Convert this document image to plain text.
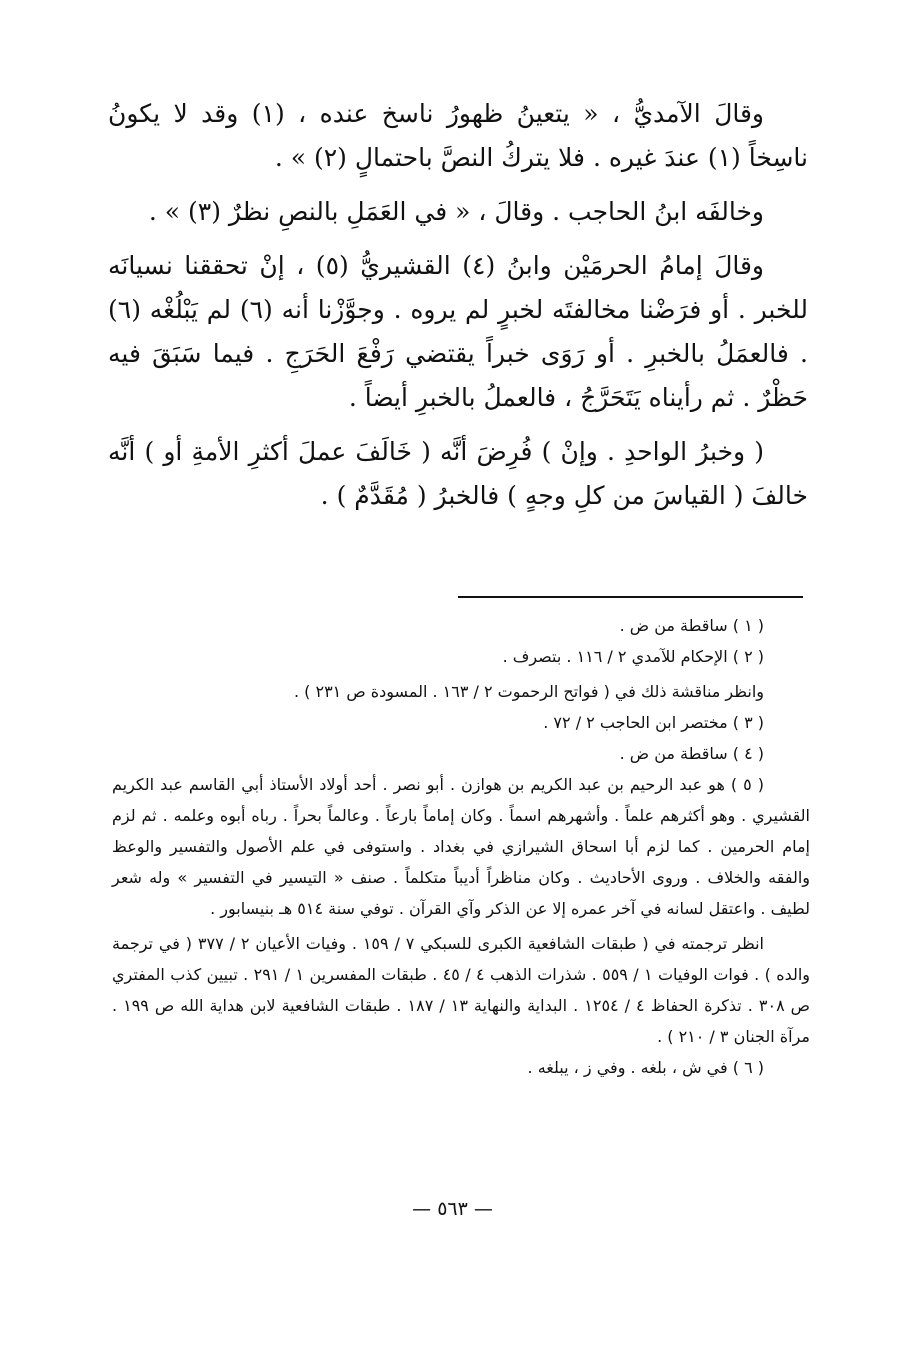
وقالَ الآمديُّ ، « يتعينُ ظهورُ ناسخ عنده ، (١) وقد لا يكونُ ناسِخاً (١) عندَ غيره . فلا يتركُ النصَّ باحتمالٍ (٢) » .

وخالفَه ابنُ الحاجب . وقالَ ، « في العَمَلِ بالنصِ نظرٌ (٣) » .

وقالَ إمامُ الحرمَيْن وابنُ (٤) القشيريُّ (٥) ، إنْ تحققنا نسيانَه للخبر . أو فرَضْنا مخالفتَه لخبرٍ لم يروه . وجوَّزْنا أنه (٦) لم يَبْلُغْه (٦) . فالعمَلُ بالخبرِ . أو رَوَى خبراً يقتضي رَفْعَ الحَرَجِ . فيما سَبَقَ فيه حَظْرٌ . ثم رأيناه يَتَحَرَّجُ ، فالعملُ بالخبرِ أيضاً .

( وخبرُ الواحدِ . وإنْ ) فُرِضَ أنَّه ( خَالَفَ عملَ أكثرِ الأمةِ أو ) أنَّه خالفَ ( القياسَ من كلِ وجهٍ ) فالخبرُ ( مُقَدَّمٌ ) .

( ١ ) ساقطة من ض .

( ٢ ) الإحكام للآمدي ٢ / ١١٦ . بتصرف .

وانظر مناقشة ذلك في ( فواتح الرحموت ٢ / ١٦٣ . المسودة ص ٢٣١ ) .

( ٣ ) مختصر ابن الحاجب ٢ / ٧٢ .

( ٤ ) ساقطة من ض .

( ٥ ) هو عبد الرحيم بن عبد الكريم بن هوازن . أبو نصر . أحد أولاد الأستاذ أبي القاسم عبد الكريم القشيري . وهو أكثرهم علماً . وأشهرهم اسماً . وكان إماماً بارعاً . وعالماً بحراً . رباه أبوه وعلمه . ثم لزم إمام الحرمين . كما لزم أبا اسحاق الشيرازي في بغداد . واستوفى في علم الأصول والتفسير والوعظ والفقه والخلاف . وروى الأحاديث . وكان مناظراً أديباً متكلماً . صنف « التيسير في التفسير » وله شعر لطيف . واعتقل لسانه في آخر عمره إلا عن الذكر وآي القرآن . توفي سنة ٥١٤ هـ بنيسابور .

انظر ترجمته في ( طبقات الشافعية الكبرى للسبكي ٧ / ١٥٩ . وفيات الأعيان ٢ / ٣٧٧ ( في ترجمة والده ) . فوات الوفيات ١ / ٥٥٩ . شذرات الذهب ٤ / ٤٥ . طبقات المفسرين ١ / ٢٩١ . تبيين كذب المفتري ص ٣٠٨ . تذكرة الحفاظ ٤ / ١٢٥٤ . البداية والنهاية ١٣ / ١٨٧ . طبقات الشافعية لابن هداية الله ص ١٩٩ . مرآة الجنان ٣ / ٢١٠ ) .

( ٦ ) في ش ، بلغه . وفي ز ، يبلغه .

— ٥٦٣ —
